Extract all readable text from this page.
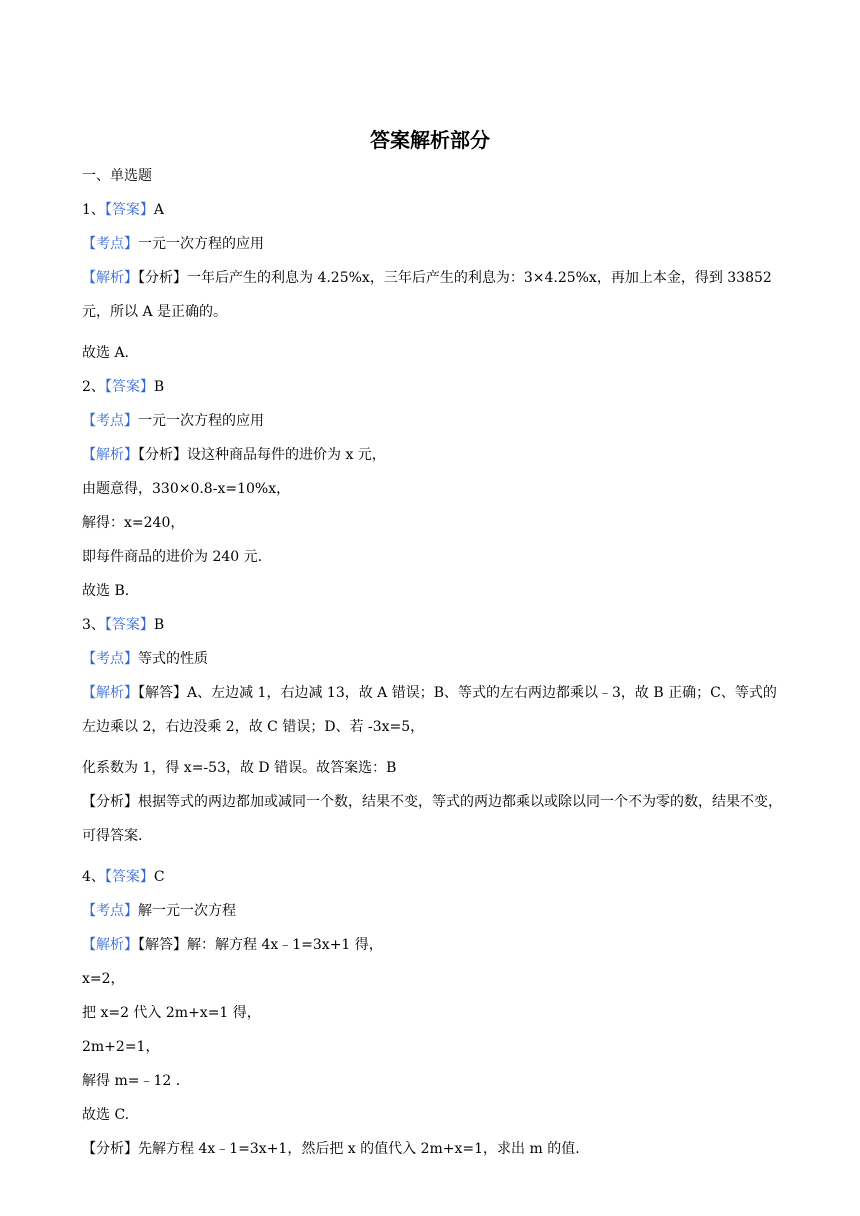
答案解析部分
一、单选题
1、【答案】A
【考点】一元一次方程的应用
【解析】【分析】一年后产生的利息为 4.25%x，三年后产生的利息为：3×4.25%x，再加上本金，得到 33852 元，所以 A 是正确的。
故选 A.
2、【答案】B
【考点】一元一次方程的应用
【解析】【分析】设这种商品每件的进价为 x 元，
由题意得，330×0.8-x=10%x，
解得：x=240，
即每件商品的进价为 240 元.
故选 B.
3、【答案】B
【考点】等式的性质
【解析】【解答】A、左边减 1，右边减 13，故 A 错误；B、等式的左右两边都乘以﹣3，故 B 正确；C、等式的左边乘以 2，右边没乘 2，故 C 错误；D、若 -3x=5，
化系数为 1，得 x=-53，故 D 错误。故答案选：B
【分析】根据等式的两边都加或减同一个数，结果不变，等式的两边都乘以或除以同一个不为零的数，结果不变，可得答案.
4、【答案】C
【考点】解一元一次方程
【解析】【解答】解：解方程 4x﹣1=3x+1 得，
x=2，
把 x=2 代入 2m+x=1 得，
2m+2=1，
解得 m=﹣12 .
故选 C.
【分析】先解方程 4x﹣1=3x+1，然后把 x 的值代入 2m+x=1，求出 m 的值.
